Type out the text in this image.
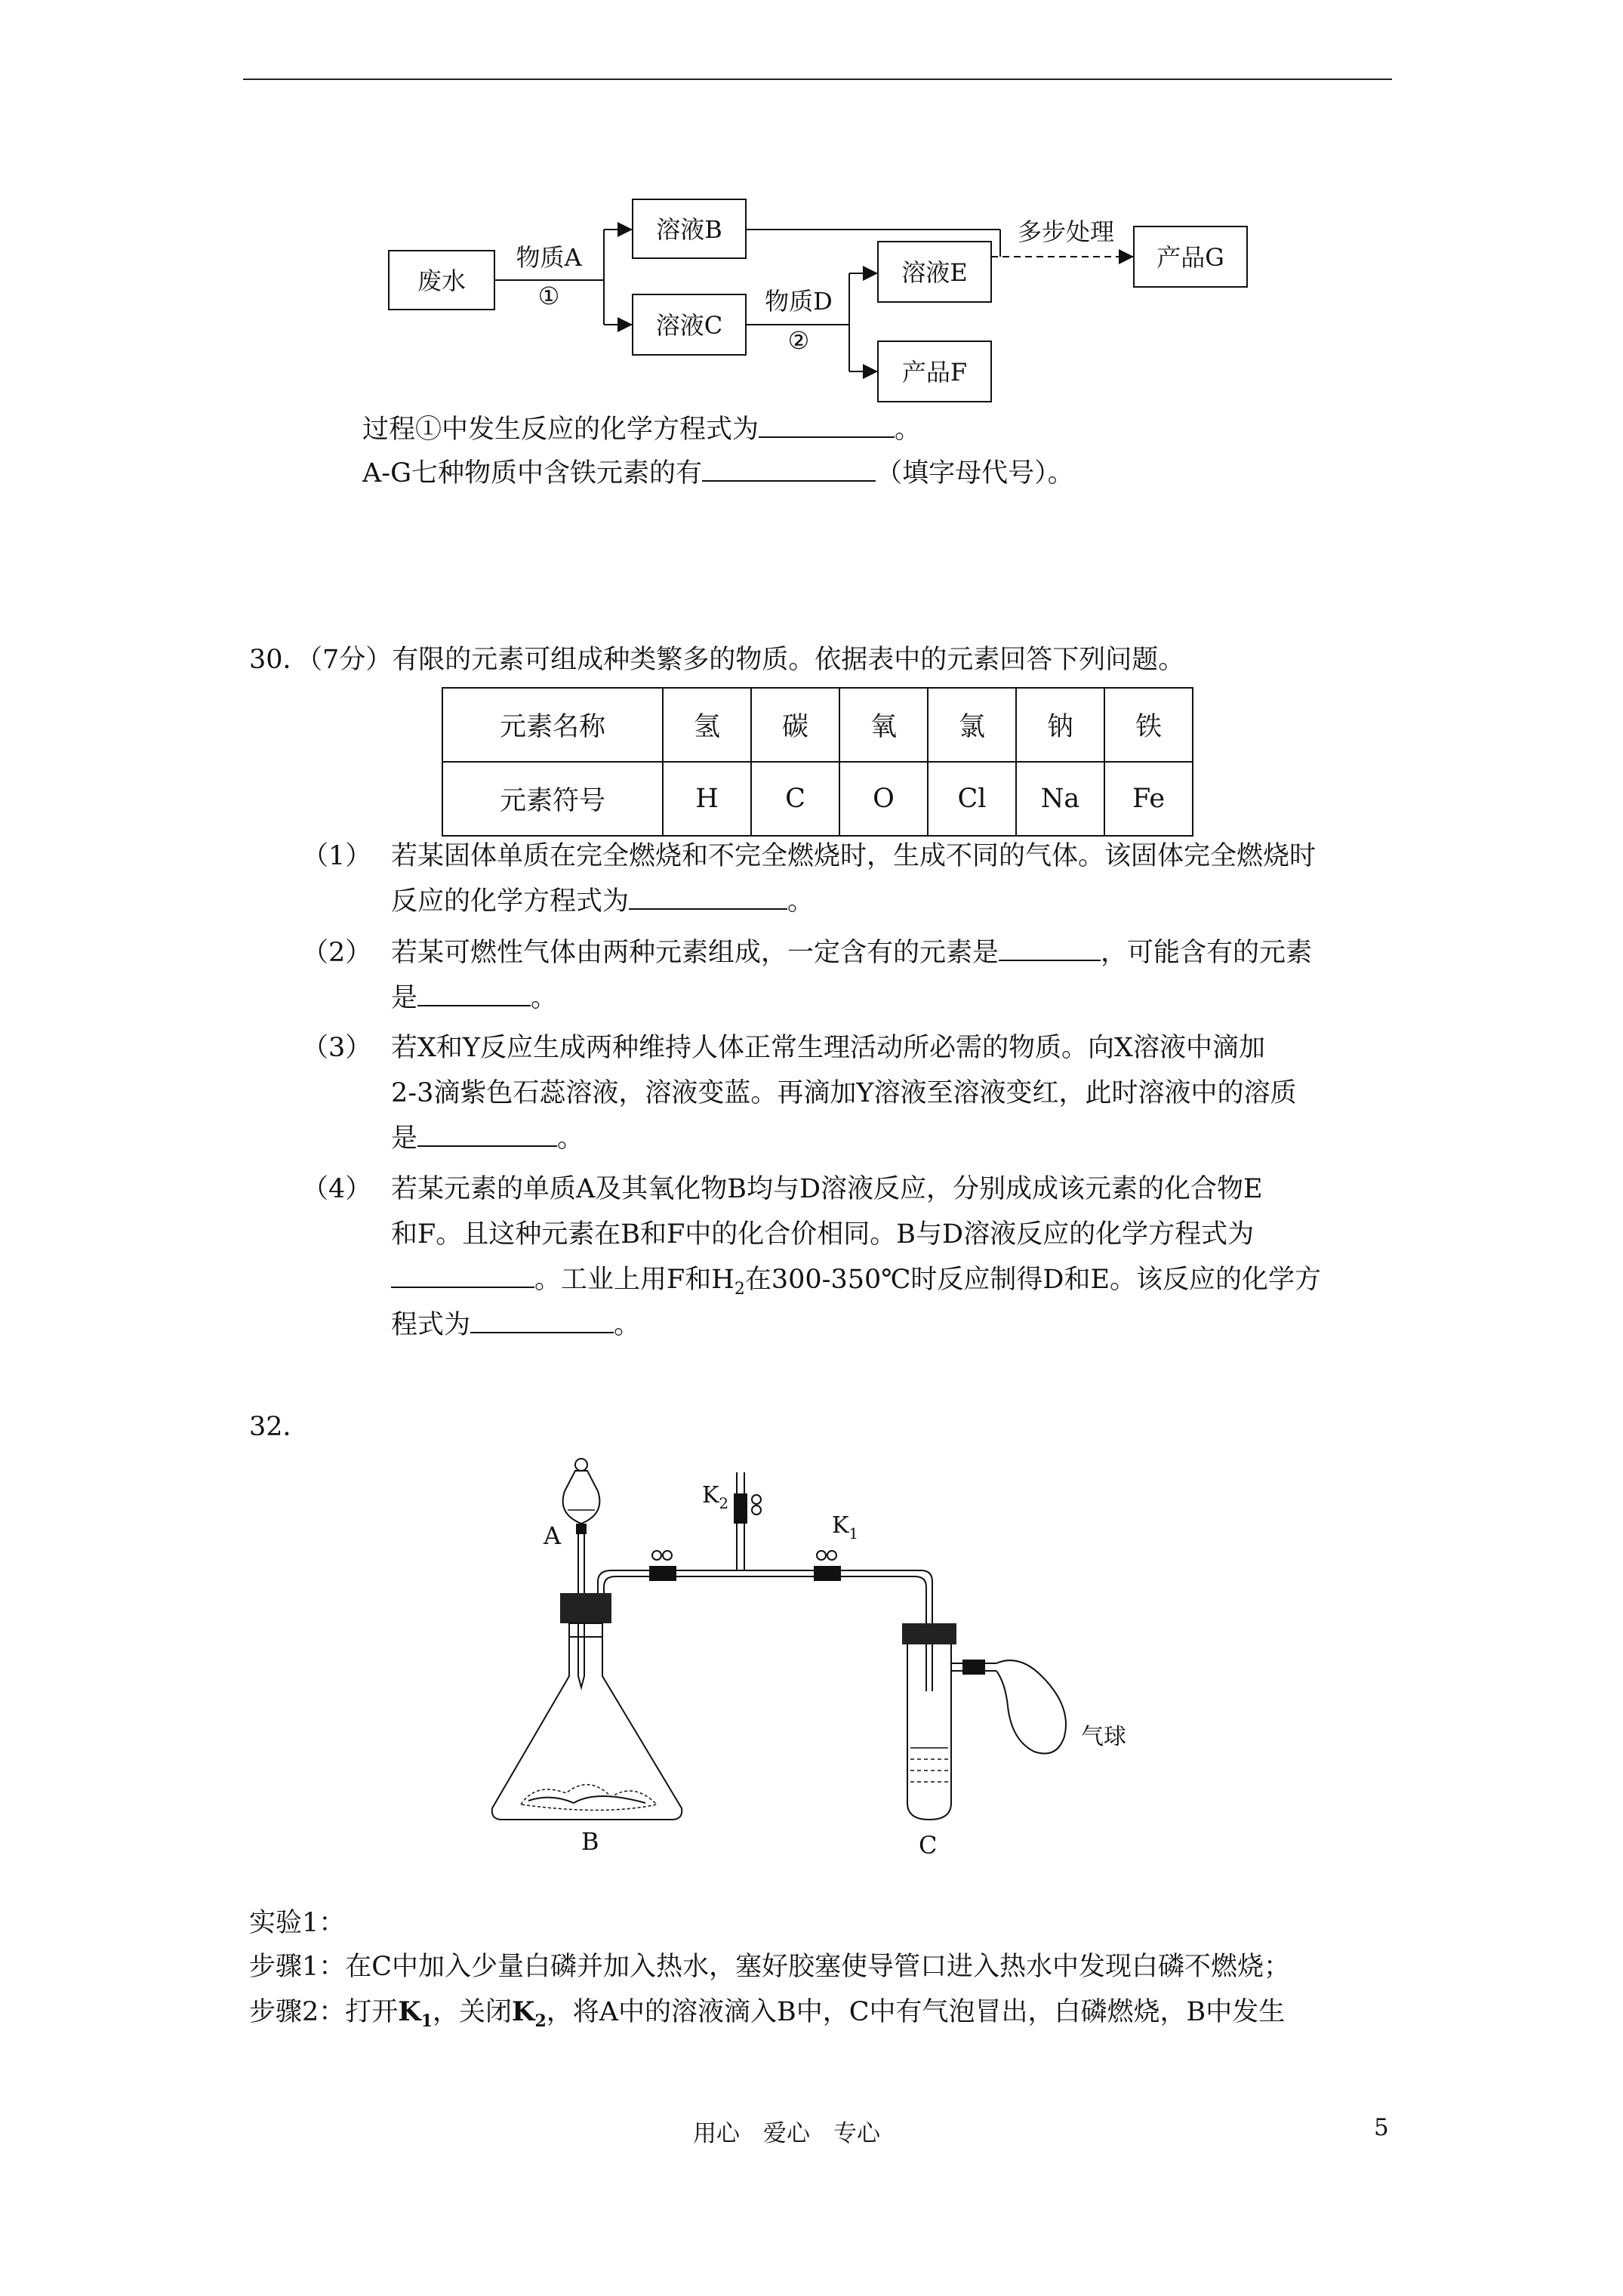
废水
物质A
①
溶液B
溶液C
物质D
②
溶液E
产品F
多步处理
产品G
过程①中发生反应的化学方程式为	。
A-G七种物质中含铁元素的有	（填字母代号）。
30．（7分）有限的元素可组成种类繁多的物质。依据表中的元素回答下列问题。
元素名称	氢	碳	氧	氯	钠	铁
元素符号	H	C	O	Cl	Na	Fe
（1） 若某固体单质在完全燃烧和不完全燃烧时，生成不同的气体。该固体完全燃烧时
反应的化学方程式为	。
（2） 若某可燃性气体由两种元素组成，一定含有的元素是	，可能含有的元素
是	。
（3） 若X和Y反应生成两种维持人体正常生理活动所必需的物质。向X溶液中滴加
2-3滴紫色石蕊溶液，溶液变蓝。再滴加Y溶液至溶液变红，此时溶液中的溶质
是	。
（4） 若某元素的单质A及其氧化物B均与D溶液反应，分别成成该元素的化合物E
和F。且这种元素在B和F中的化合价相同。B与D溶液反应的化学方程式为
。工业上用F和$H_2$在300-350℃时反应制得D和E。该反应的化学方
程式为	。
32．
A
B
$K_2$
$K_1$
C
气球
实验1：
步骤1：在C中加入少量白磷并加入热水，塞好胶塞使导管口进入热水中发现白磷不燃烧；
步骤2：打开$K_1$，关闭$K_2$，将A中的溶液滴入B中，C中有气泡冒出，白磷燃烧，B中发生
用心　爱心　专心	5
